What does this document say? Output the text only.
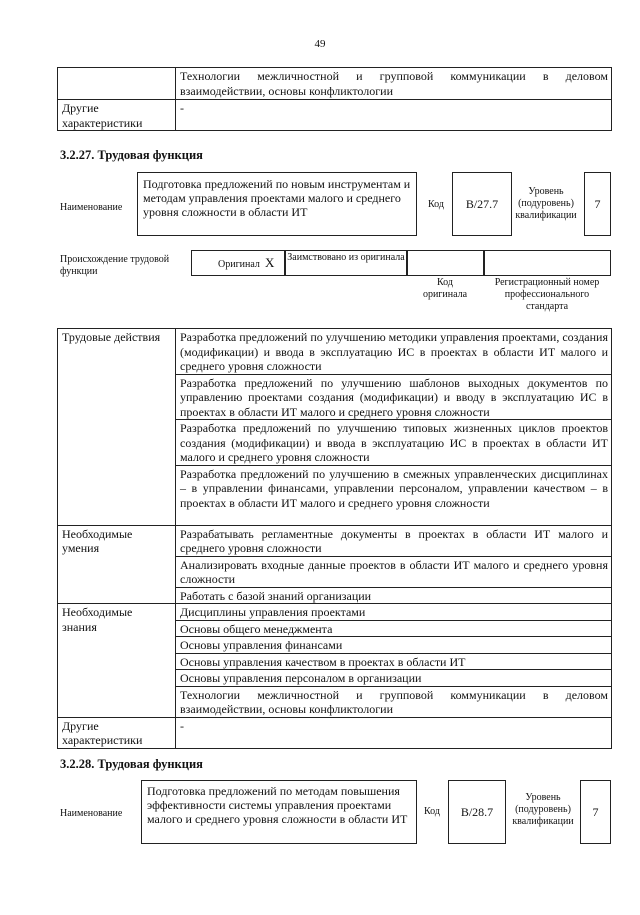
49
	Технологии межличностной и групповой коммуникации в деловом взаимодействии, основы конфликтологии
Другие характеристики	-
3.2.27. Трудовая функция
Наименование
Подготовка предложений по новым инструментам и методам управления проектами малого и среднего уровня сложности в области ИТ
Код	B/27.7
Уровень (подуровень) квалификации
7
Происхождение трудовой функции
Оригинал X Заимствовано из оригинала
Код оригинала
Регистрационный номер профессионального стандарта
Трудовые действия	Разработка предложений по улучшению методики управления проектами, создания (модификации) и ввода в эксплуатацию ИС в проектах в области ИТ малого и среднего уровня сложности
	Разработка предложений по улучшению шаблонов выходных документов по управлению проектами создания (модификации) и вводу в эксплуатацию ИС в проектах в области ИТ малого и среднего уровня сложности
	Разработка предложений по улучшению типовых жизненных циклов проектов создания (модификации) и ввода в эксплуатацию ИС в проектах в области ИТ малого и среднего уровня сложности
	Разработка предложений по улучшению в смежных управленческих дисциплинах – в управлении финансами, управлении персоналом, управлении качеством – в проектах в области ИТ малого и среднего уровня сложности
Необходимые умения	Разрабатывать регламентные документы в проектах в области ИТ малого и среднего уровня сложности
	Анализировать входные данные проектов в области ИТ малого и среднего уровня сложности
	Работать с базой знаний организации
Необходимые знания	Дисциплины управления проектами
	Основы общего менеджмента
	Основы управления финансами
	Основы управления качеством в проектах в области ИТ
	Основы управления персоналом в организации
	Технологии межличностной и групповой коммуникации в деловом взаимодействии, основы конфликтологии
Другие характеристики	-
3.2.28. Трудовая функция
Наименование
Подготовка предложений по методам повышения эффективности системы управления проектами малого и среднего уровня сложности в области ИТ
Код	B/28.7
Уровень (подуровень) квалификации
7
